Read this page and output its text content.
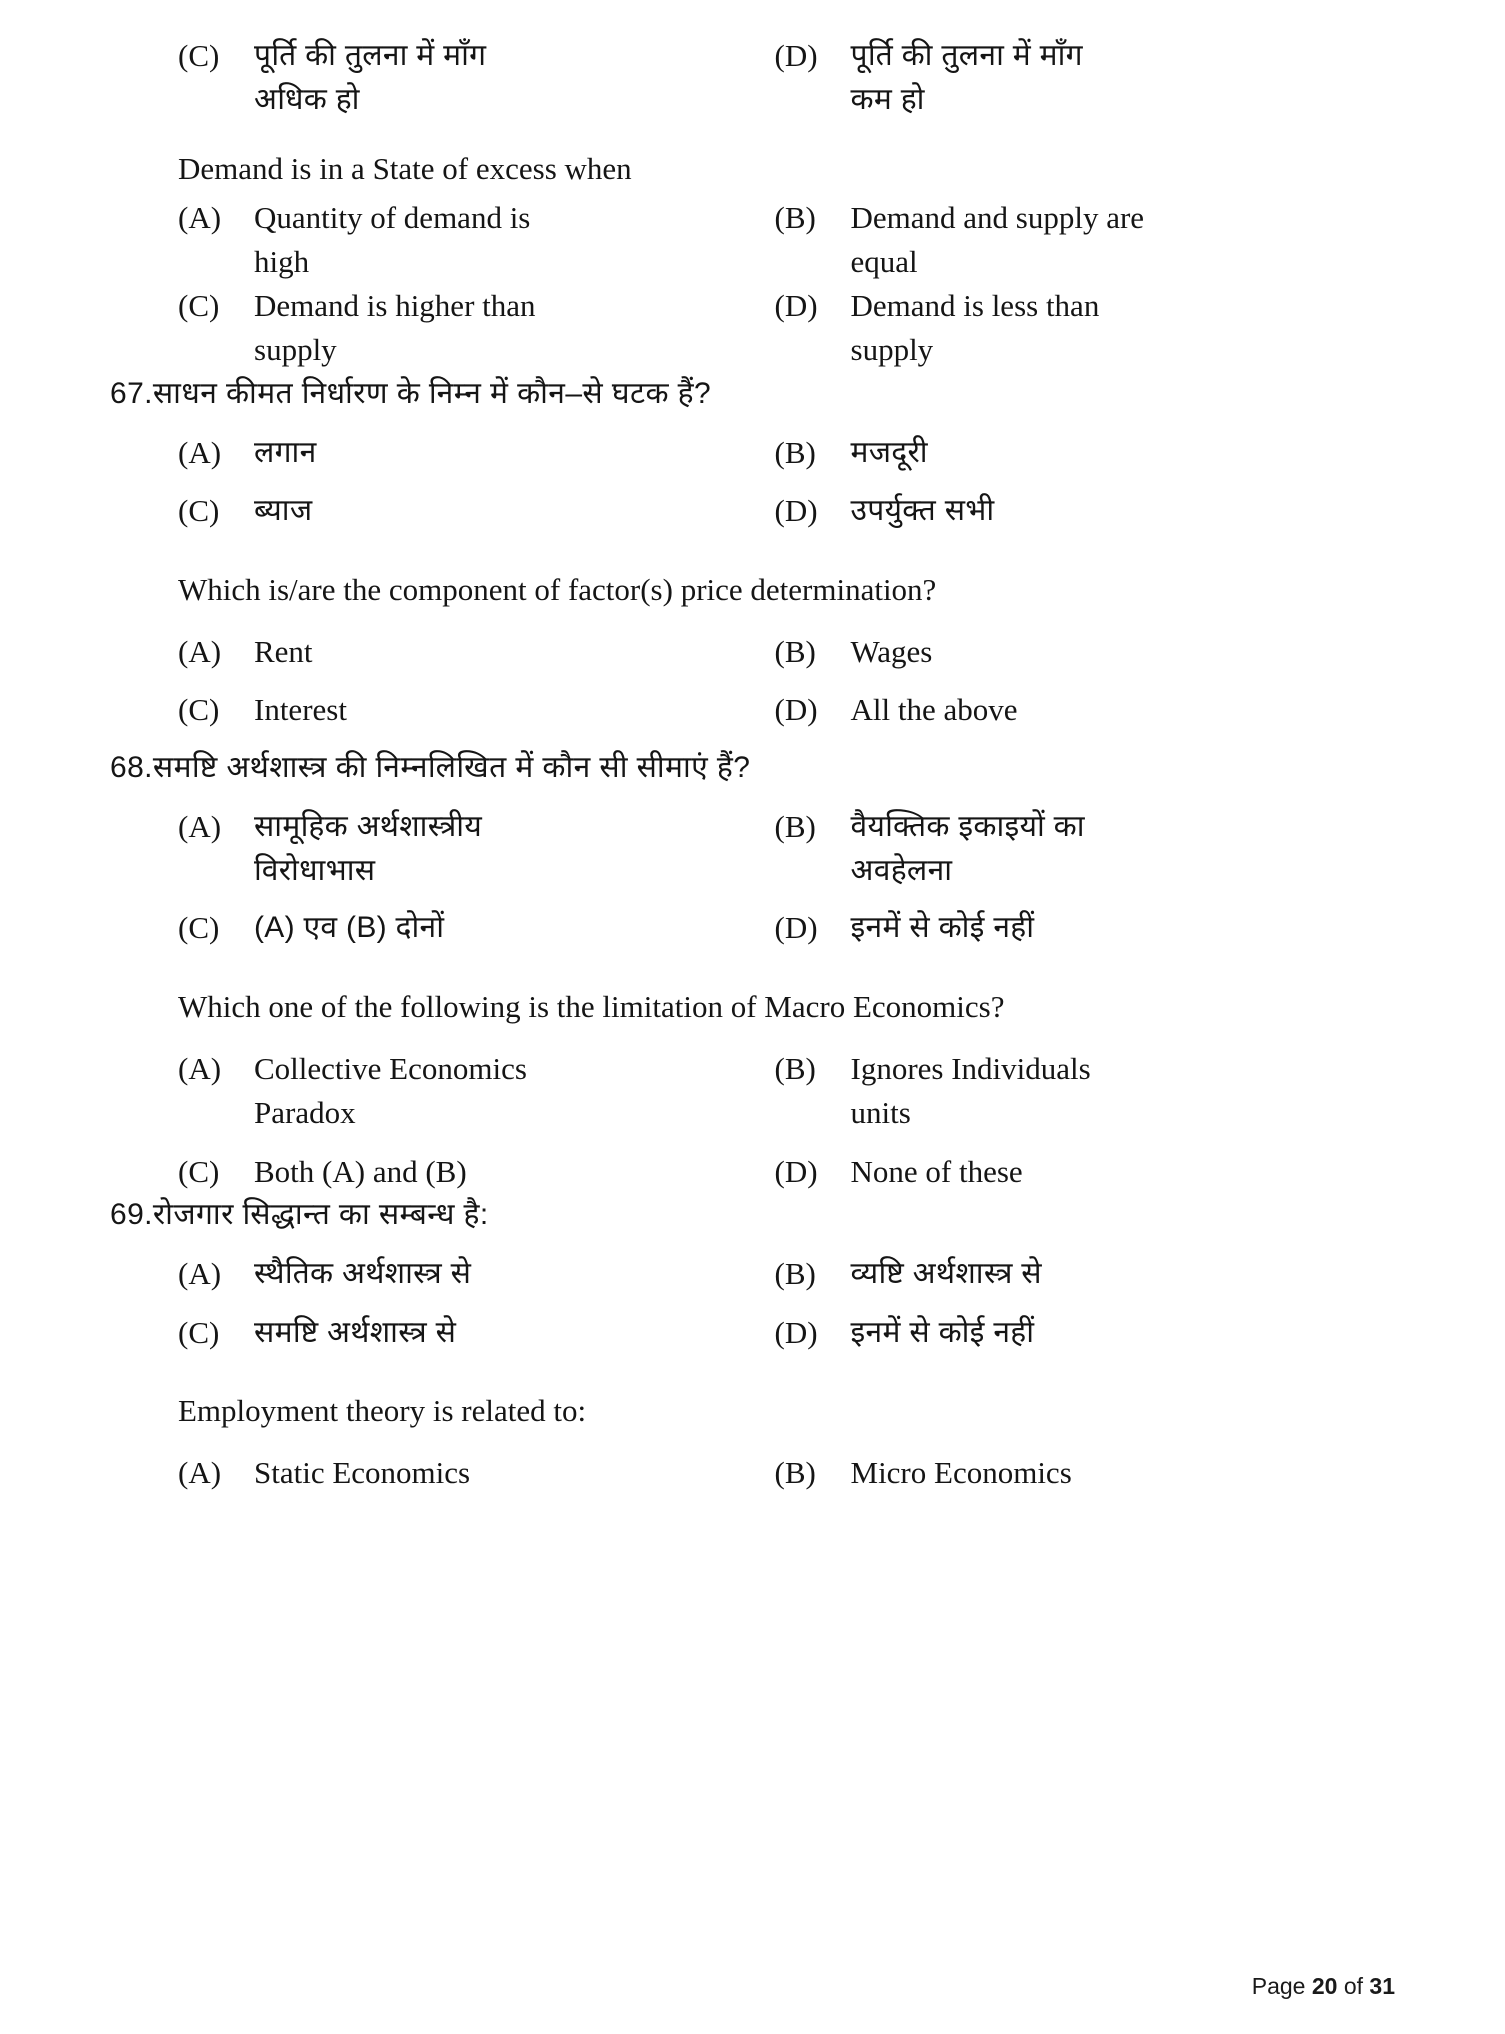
(C)	पूर्ति की तुलना में माँग	(D)	पूर्ति की तुलना में माँग
अधिक हो	कम हो
Demand is in a State of excess when
(A)	Quantity of demand is	(B)	Demand and supply are
high	equal
(C)	Demand is higher than	(D)	Demand is less than
supply	supply
67.साधन कीमत निर्धारण के निम्न में कौन–से घटक हैं?
(A)	लगान	(B)	मजदूरी
(C)	ब्याज	(D)	उपर्युक्त सभी
Which is/are the component of factor(s) price determination?
(A)	Rent	(B)	Wages
(C)	Interest	(D)	All the above
68.समष्टि अर्थशास्त्र की निम्नलिखित में कौन सी सीमाएं हैं?
(A)	सामूहिक अर्थशास्त्रीय	(B)	वैयक्तिक इकाइयों का
विरोधाभास	अवहेलना
(C)	(A) एव (B) दोनों	(D)	इनमें से कोई नहीं
Which one of the following is the limitation of Macro Economics?
(A)	Collective Economics	(B)	Ignores Individuals
Paradox	units
(C)	Both (A) and (B)	(D)	None of these
69.रोजगार सिद्धान्त का सम्बन्ध है:
(A)	स्थैतिक अर्थशास्त्र से	(B)	व्यष्टि अर्थशास्त्र से
(C)	समष्टि अर्थशास्त्र से	(D)	इनमें से कोई नहीं
Employment theory is related to:
(A)	Static Economics	(B)	Micro Economics
Page 20 of 31
